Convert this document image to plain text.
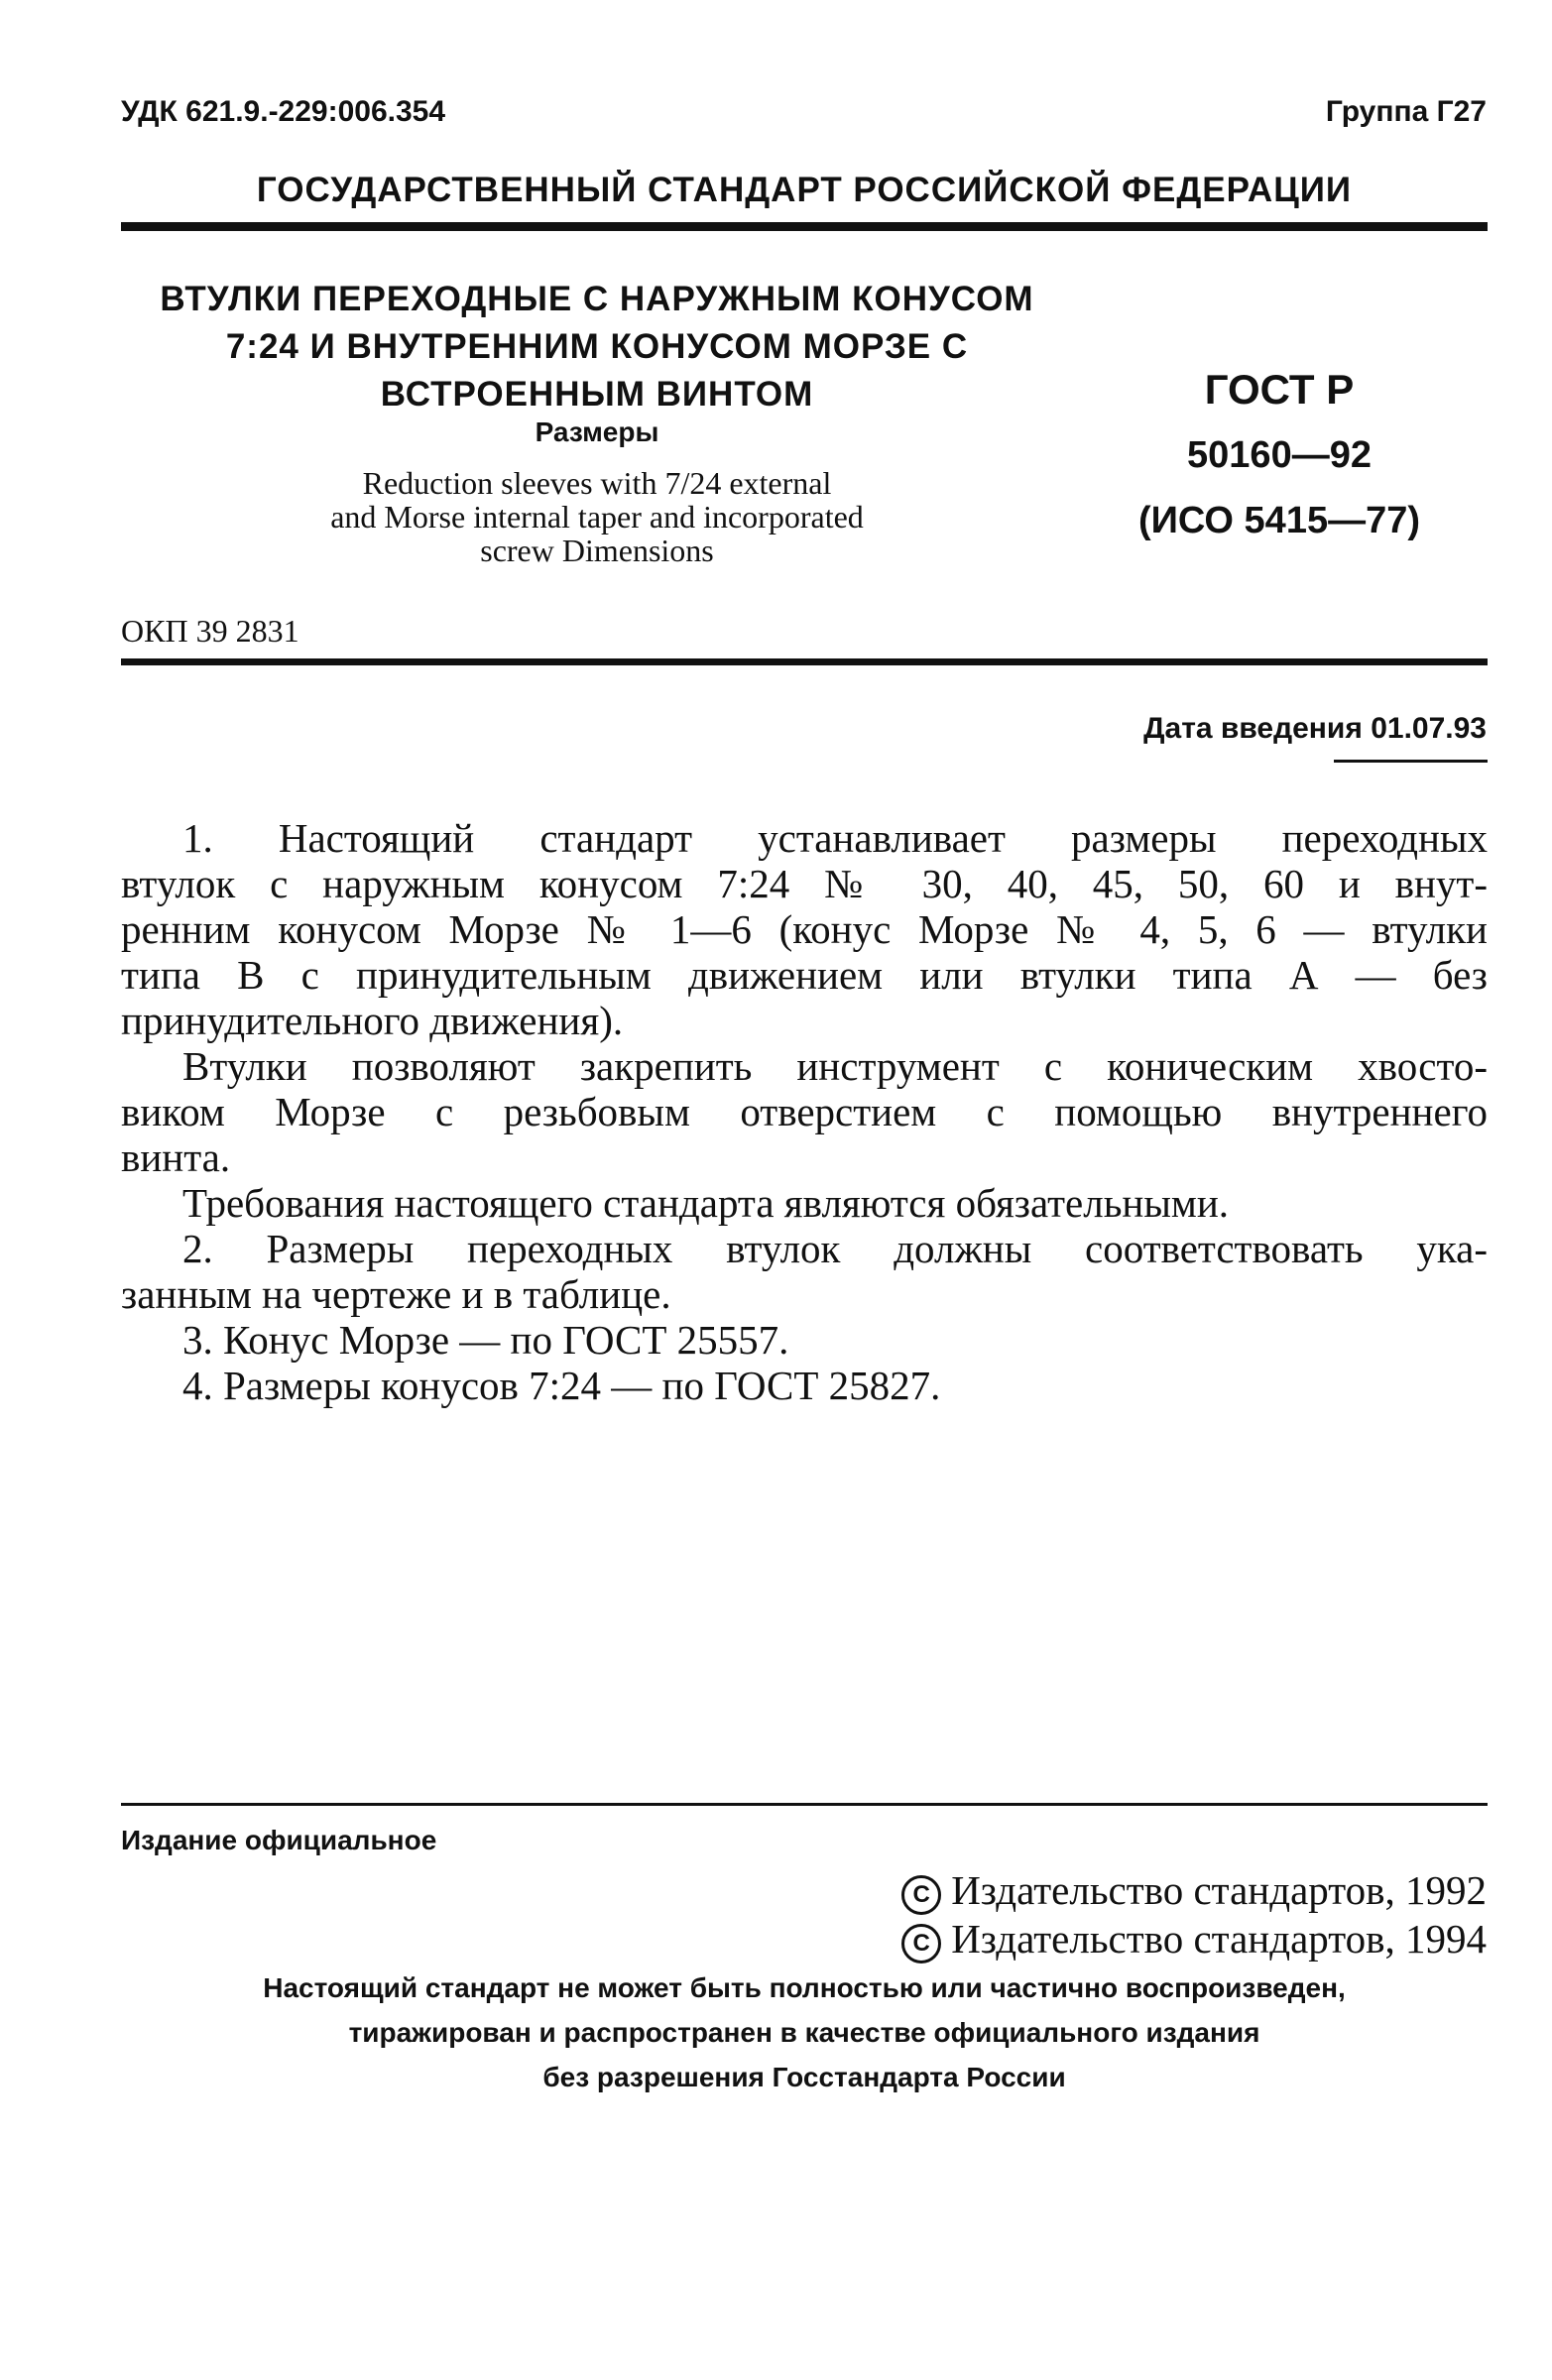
УДК 621.9.-229:006.354	Группа Г27
ГОСУДАРСТВЕННЫЙ СТАНДАРТ РОССИЙСКОЙ ФЕДЕРАЦИИ
ВТУЛКИ ПЕРЕХОДНЫЕ С НАРУЖНЫМ КОНУСОМ
7:24 И ВНУТРЕННИМ КОНУСОМ МОРЗЕ С
ВСТРОЕННЫМ ВИНТОМ
Размеры
Reduction sleeves with 7/24 external
and Morse internal taper and incorporated
screw Dimensions
ГОСТ Р
50160—92
(ИСО 5415—77)
ОКП 39 2831
Дата введения 01.07.93
1. Настоящий стандарт устанавливает размеры переходных
втулок с наружным конусом 7:24 № 30, 40, 45, 50, 60 и внут-
ренним конусом Морзе № 1—6 (конус Морзе № 4, 5, 6 — втулки
типа В с принудительным движением или втулки типа А — без
принудительного движения).
Втулки позволяют закрепить инструмент с коническим хвосто-
виком Морзе с резьбовым отверстием с помощью внутреннего
винта.
Требования настоящего стандарта являются обязательными.
2. Размеры переходных втулок должны соответствовать ука-
занным на чертеже и в таблице.
3. Конус Морзе — по ГОСТ 25557.
4. Размеры конусов 7:24 — по ГОСТ 25827.
Издание официальное
C Издательство стандартов, 1992
C Издательство стандартов, 1994
Настоящий стандарт не может быть полностью или частично воспроизведен,
тиражирован и распространен в качестве официального издания
без разрешения Госстандарта России
